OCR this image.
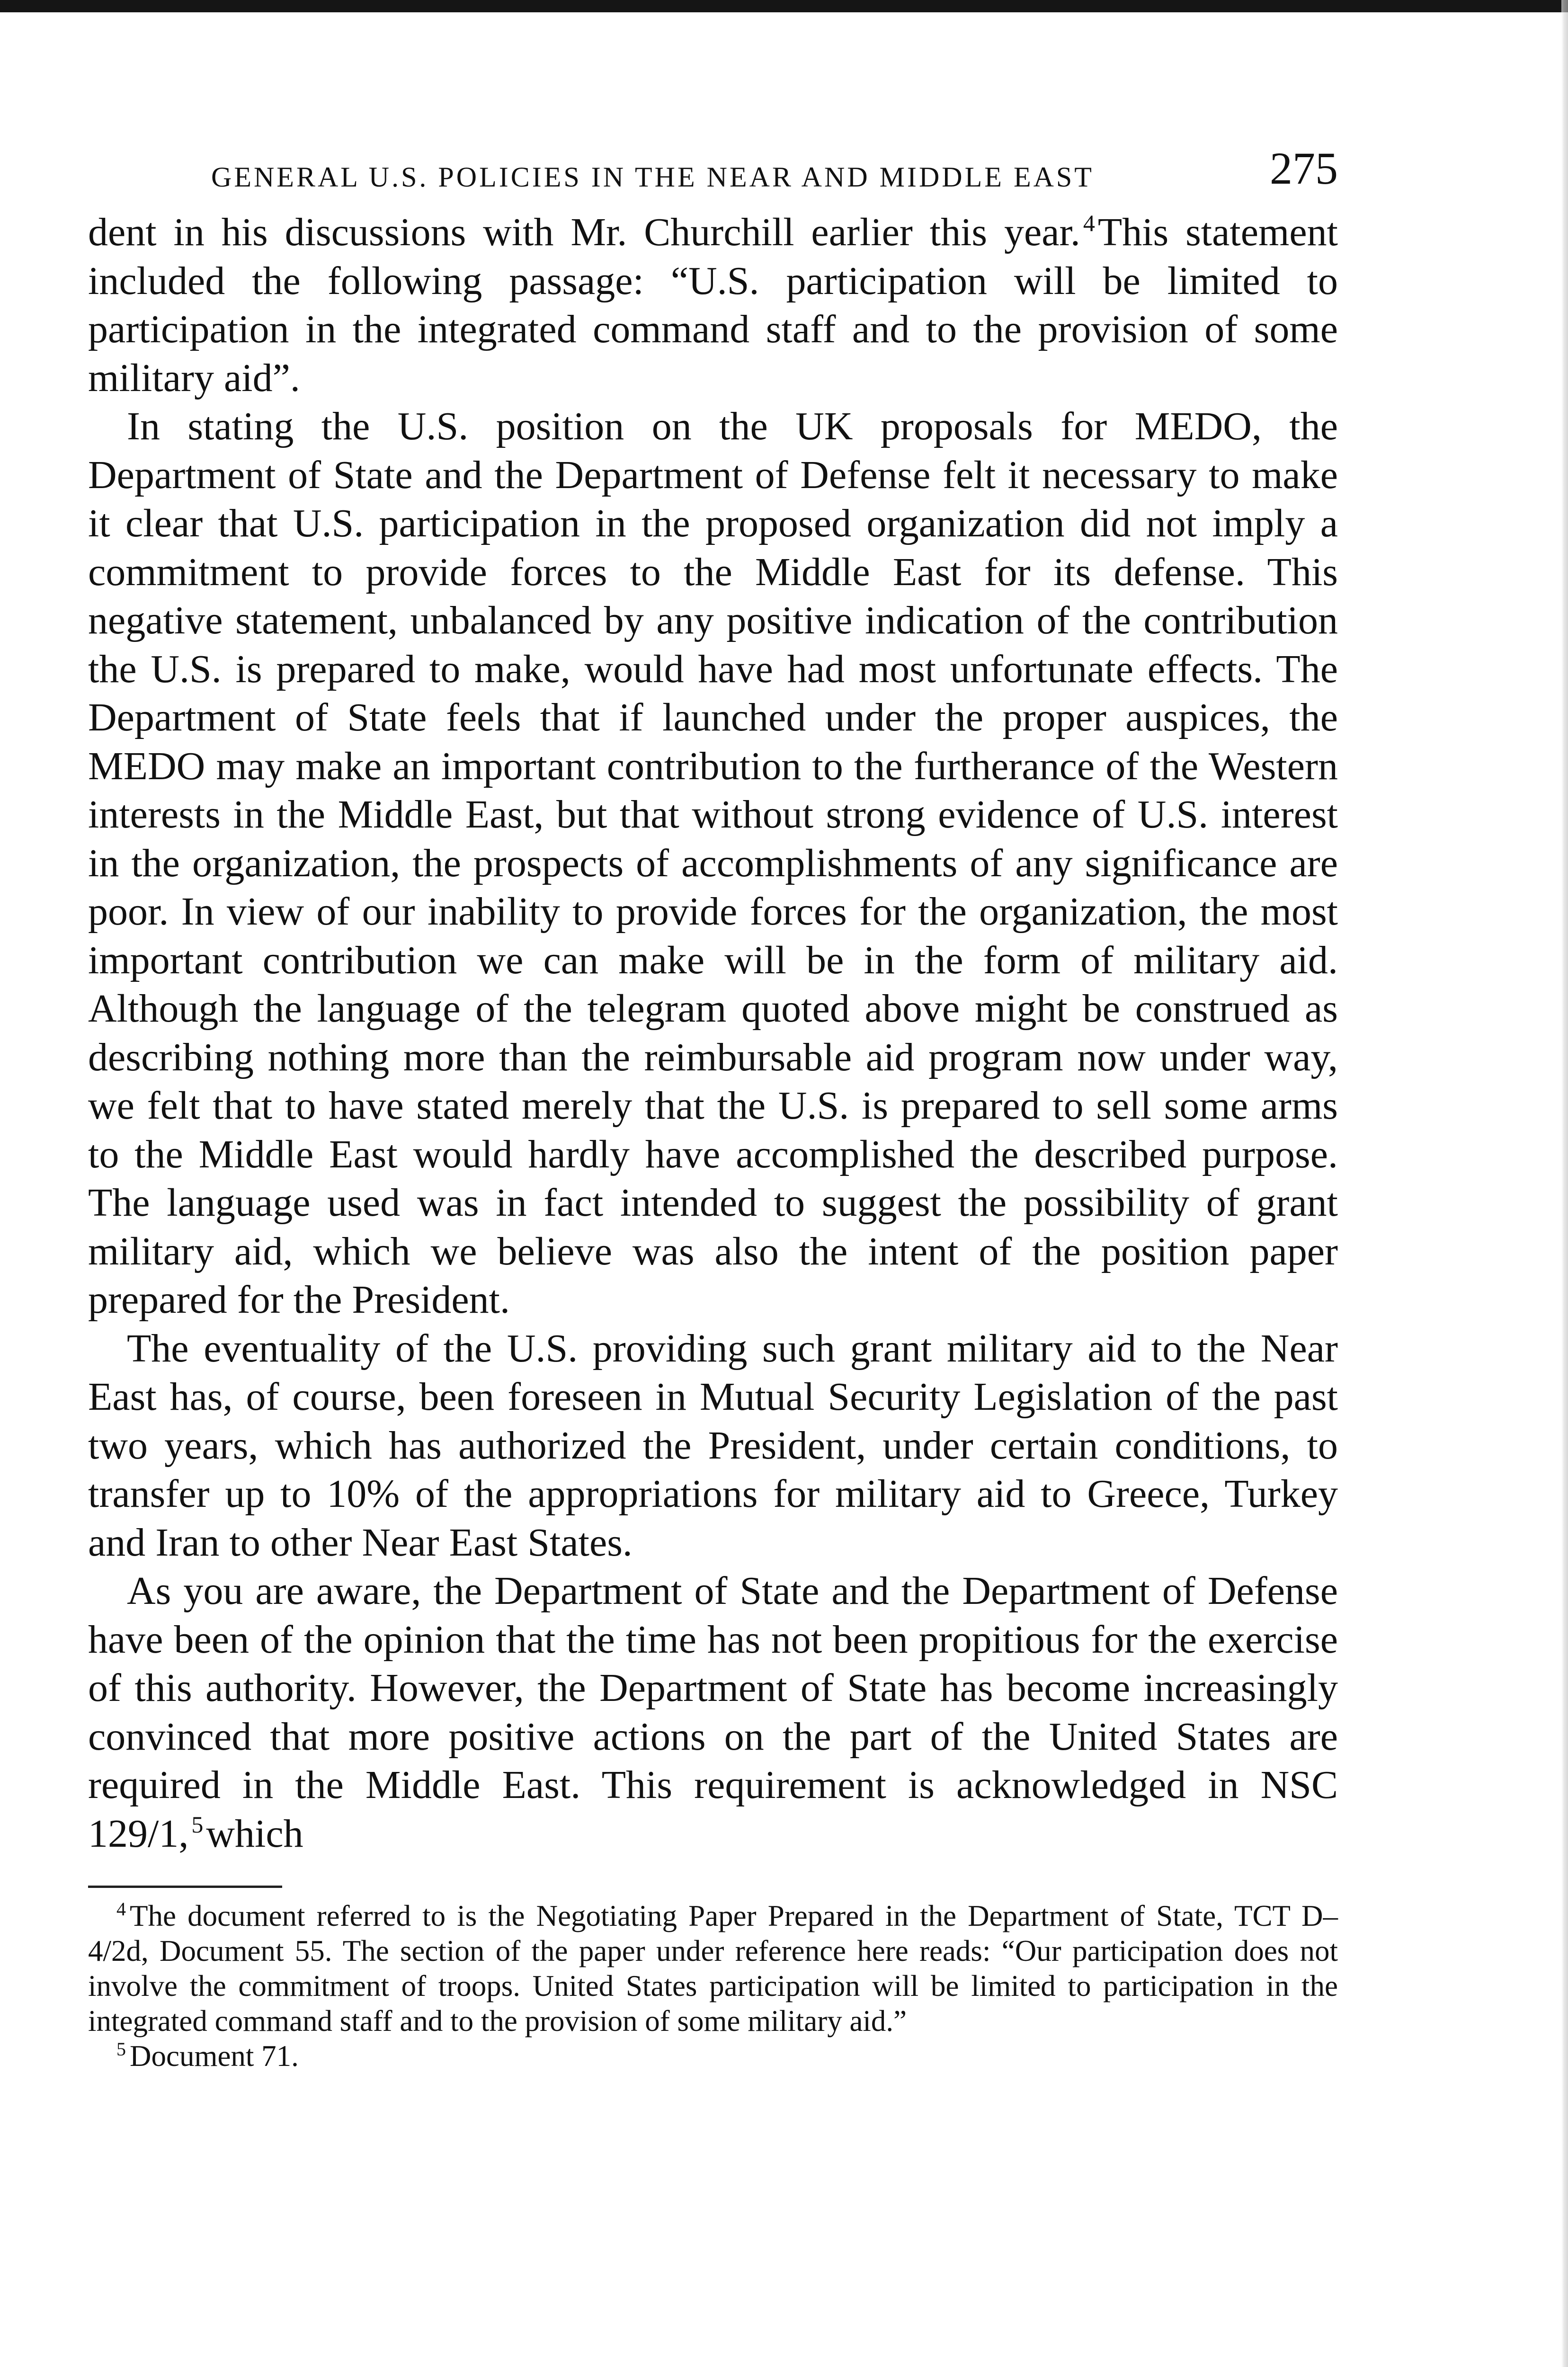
GENERAL U.S. POLICIES IN THE NEAR AND MIDDLE EAST	275

dent in his discussions with Mr. Churchill earlier this year. $^4$This statement included the following passage: “U.S. participation will be limited to participation in the integrated command staff and to the provision of some military aid”.

In stating the U.S. position on the UK proposals for MEDO, the Department of State and the Department of Defense felt it necessary to make it clear that U.S. participation in the proposed organization did not imply a commitment to provide forces to the Middle East for its defense. This negative statement, unbalanced by any positive indication of the contribution the U.S. is prepared to make, would have had most unfortunate effects. The Department of State feels that if launched under the proper auspices, the MEDO may make an important contribution to the furtherance of the Western interests in the Middle East, but that without strong evidence of U.S. interest in the organization, the prospects of accomplishments of any significance are poor. In view of our inability to provide forces for the organization, the most important contribution we can make will be in the form of military aid. Although the language of the telegram quoted above might be construed as describing nothing more than the reimbursable aid program now under way, we felt that to have stated merely that the U.S. is prepared to sell some arms to the Middle East would hardly have accomplished the described purpose. The language used was in fact intended to suggest the possibility of grant military aid, which we believe was also the intent of the position paper prepared for the President.

The eventuality of the U.S. providing such grant military aid to the Near East has, of course, been foreseen in Mutual Security Legislation of the past two years, which has authorized the President, under certain conditions, to transfer up to 10% of the appropriations for military aid to Greece, Turkey and Iran to other Near East States.

As you are aware, the Department of State and the Department of Defense have been of the opinion that the time has not been propitious for the exercise of this authority. However, the Department of State has become increasingly convinced that more positive actions on the part of the United States are required in the Middle East. This requirement is acknowledged in NSC 129/1, $^5$which

$^4$ The document referred to is the Negotiating Paper Prepared in the Department of State, TCT D–4/2d, Document 55. The section of the paper under reference here reads: “Our participation does not involve the commitment of troops. United States participation will be limited to participation in the integrated command staff and to the provision of some military aid.”

$^5$ Document 71.
